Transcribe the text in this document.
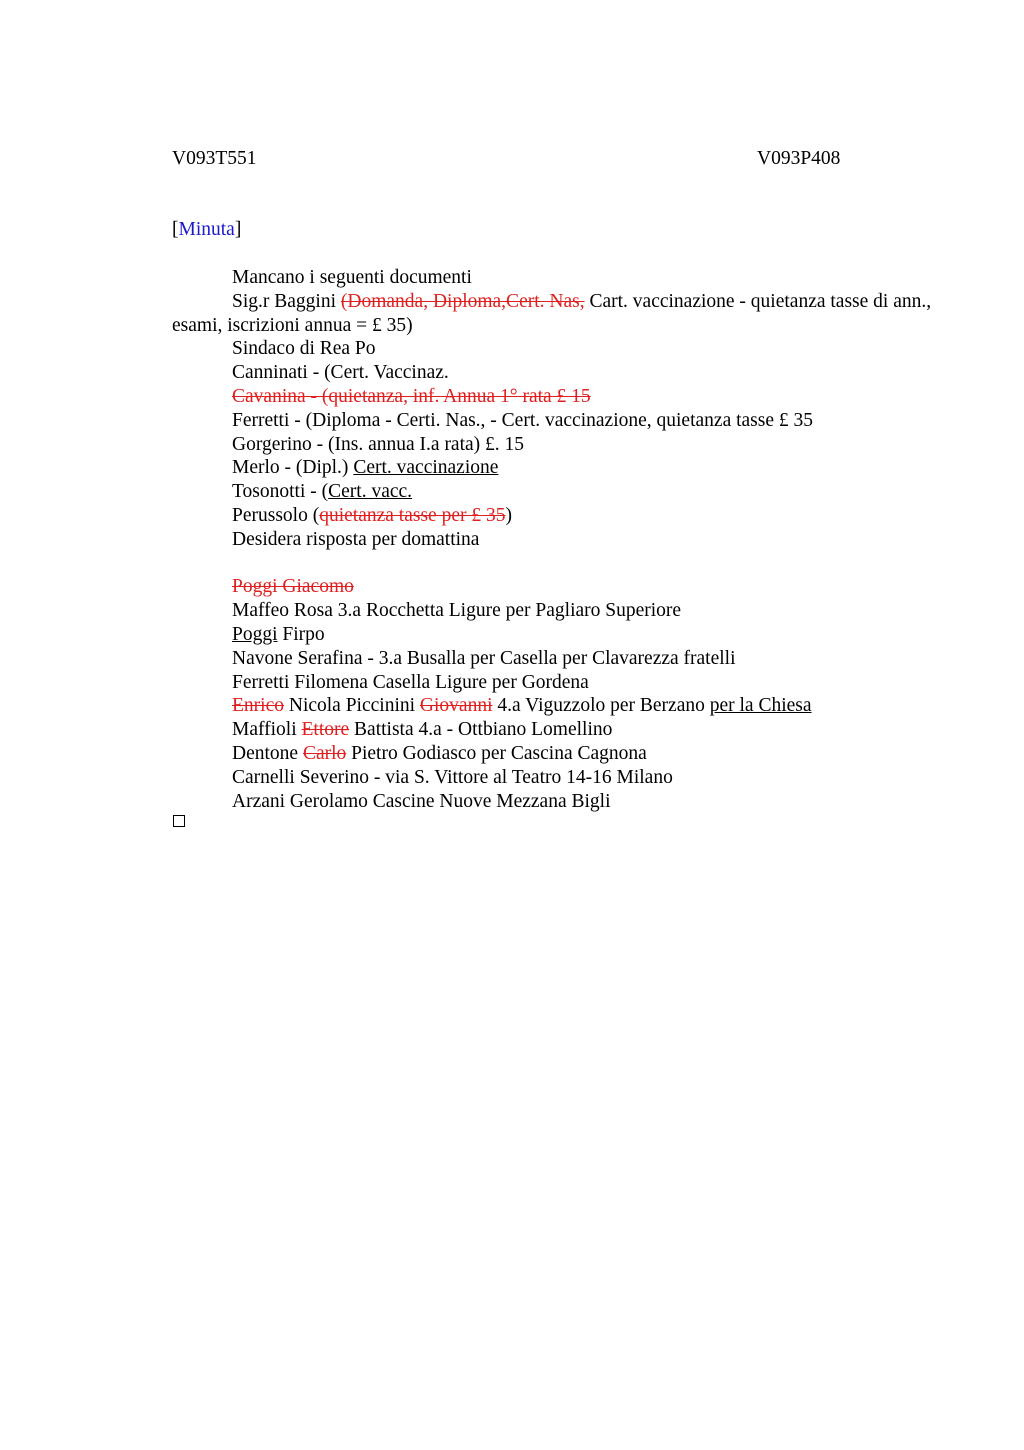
V093T551	V093P408
[Minuta]
Mancano i seguenti documenti
Sig.r Baggini (Domanda, Diploma,Cert. Nas, Cart. vaccinazione - quietanza tasse di ann., esami, iscrizioni annua = £ 35)
Sindaco di Rea Po
Canninati - (Cert. Vaccinaz.
Cavanina - (quietanza, inf. Annua 1° rata £ 15
Ferretti - (Diploma - Certi. Nas., - Cert. vaccinazione, quietanza tasse £ 35
Gorgerino - (Ins. annua I.a rata) £. 15
Merlo - (Dipl.) Cert. vaccinazione
Tosonotti - (Cert. vacc.
Perussolo (quietanza tasse per £ 35)
Desidera risposta per domattina
Poggi Giacomo
Maffeo Rosa 3.a Rocchetta Ligure per Pagliaro Superiore
Poggi Firpo
Navone Serafina - 3.a Busalla per Casella per Clavarezza fratelli
Ferretti Filomena Casella Ligure per Gordena
Enrico Nicola Piccinini Giovanni 4.a Viguzzolo per Berzano per la Chiesa
Maffioli Ettore Battista 4.a - Ottbiano Lomellino
Dentone Carlo Pietro Godiasco per Cascina Cagnona
Carnelli Severino - via S. Vittore al Teatro 14-16 Milano
Arzani Gerolamo Cascine Nuove Mezzana Bigli
